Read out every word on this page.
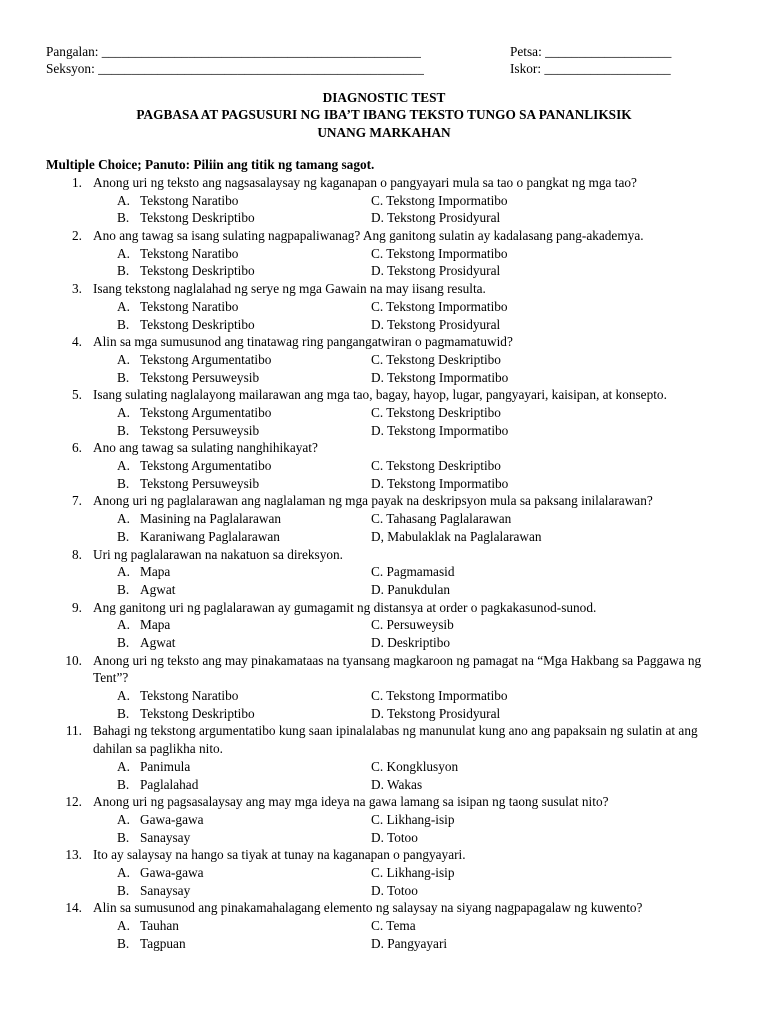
Pangalan: ________________________________________________
Seksyon: _________________________________________________
Petsa: ___________________
Iskor: ___________________
DIAGNOSTIC TEST
PAGBASA AT PAGSUSURI NG IBA’T IBANG TEKSTO TUNGO SA PANANLIKSIK
UNANG MARKAHAN
Multiple Choice; Panuto: Piliin ang titik ng tamang sagot.
1. Anong uri ng teksto ang nagsasalaysay ng kaganapan o pangyayari mula sa tao o pangkat ng mga tao?
A. Tekstong Naratibo	C. Tekstong Impormatibo
B. Tekstong Deskriptibo	D. Tekstong Prosidyural
2. Ano ang tawag sa isang sulating nagpapaliwanag? Ang ganitong sulatin ay kadalasang pang-akademya.
A. Tekstong Naratibo	C. Tekstong Impormatibo
B. Tekstong Deskriptibo	D. Tekstong Prosidyural
3. Isang tekstong naglalahad ng serye ng mga Gawain na may iisang resulta.
A. Tekstong Naratibo	C. Tekstong Impormatibo
B. Tekstong Deskriptibo	D. Tekstong Prosidyural
4. Alin sa mga sumusunod ang tinatawag ring pangangatwiran o pagmamatuwid?
A. Tekstong Argumentatibo	C. Tekstong Deskriptibo
B. Tekstong Persuweysib	D. Tekstong Impormatibo
5. Isang sulating naglalayong mailarawan ang mga tao, bagay, hayop, lugar, pangyayari, kaisipan, at konsepto.
A. Tekstong Argumentatibo	C. Tekstong Deskriptibo
B. Tekstong Persuweysib	D. Tekstong Impormatibo
6. Ano ang tawag sa sulating nanghihikayat?
A. Tekstong Argumentatibo	C. Tekstong Deskriptibo
B. Tekstong Persuweysib	D. Tekstong Impormatibo
7. Anong uri ng paglalarawan ang naglalaman ng mga payak na deskripsyon mula sa paksang inilalarawan?
A. Masining na Paglalarawan	C. Tahasang Paglalarawan
B. Karaniwang Paglalarawan	D, Mabulaklak na Paglalarawan
8. Uri ng paglalarawan na nakatuon sa direksyon.
A. Mapa	C. Pagmamasid
B. Agwat	D. Panukdulan
9. Ang ganitong uri ng paglalarawan ay gumagamit ng distansya at order o pagkakasunod-sunod.
A. Mapa	C. Persuweysib
B. Agwat	D. Deskriptibo
10. Anong uri ng teksto ang may pinakamataas na tyansang magkaroon ng pamagat na “Mga Hakbang sa Paggawa ng Tent”?
A. Tekstong Naratibo	C. Tekstong Impormatibo
B. Tekstong Deskriptibo	D. Tekstong Prosidyural
11. Bahagi ng tekstong argumentatibo kung saan ipinalalabas ng manunulat kung ano ang papaksain ng sulatin at ang dahilan sa paglikha nito.
A. Panimula	C. Kongklusyon
B. Paglalahad	D. Wakas
12. Anong uri ng pagsasalaysay ang may mga ideya na gawa lamang sa isipan ng taong susulat nito?
A. Gawa-gawa	C. Likhang-isip
B. Sanaysay	D. Totoo
13. Ito ay salaysay na hango sa tiyak at tunay na kaganapan o pangyayari.
A. Gawa-gawa	C. Likhang-isip
B. Sanaysay	D. Totoo
14. Alin sa sumusunod ang pinakamahalagang elemento ng salaysay na siyang nagpapagalaw ng kuwento?
A. Tauhan	C. Tema
B. Tagpuan	D. Pangyayari
